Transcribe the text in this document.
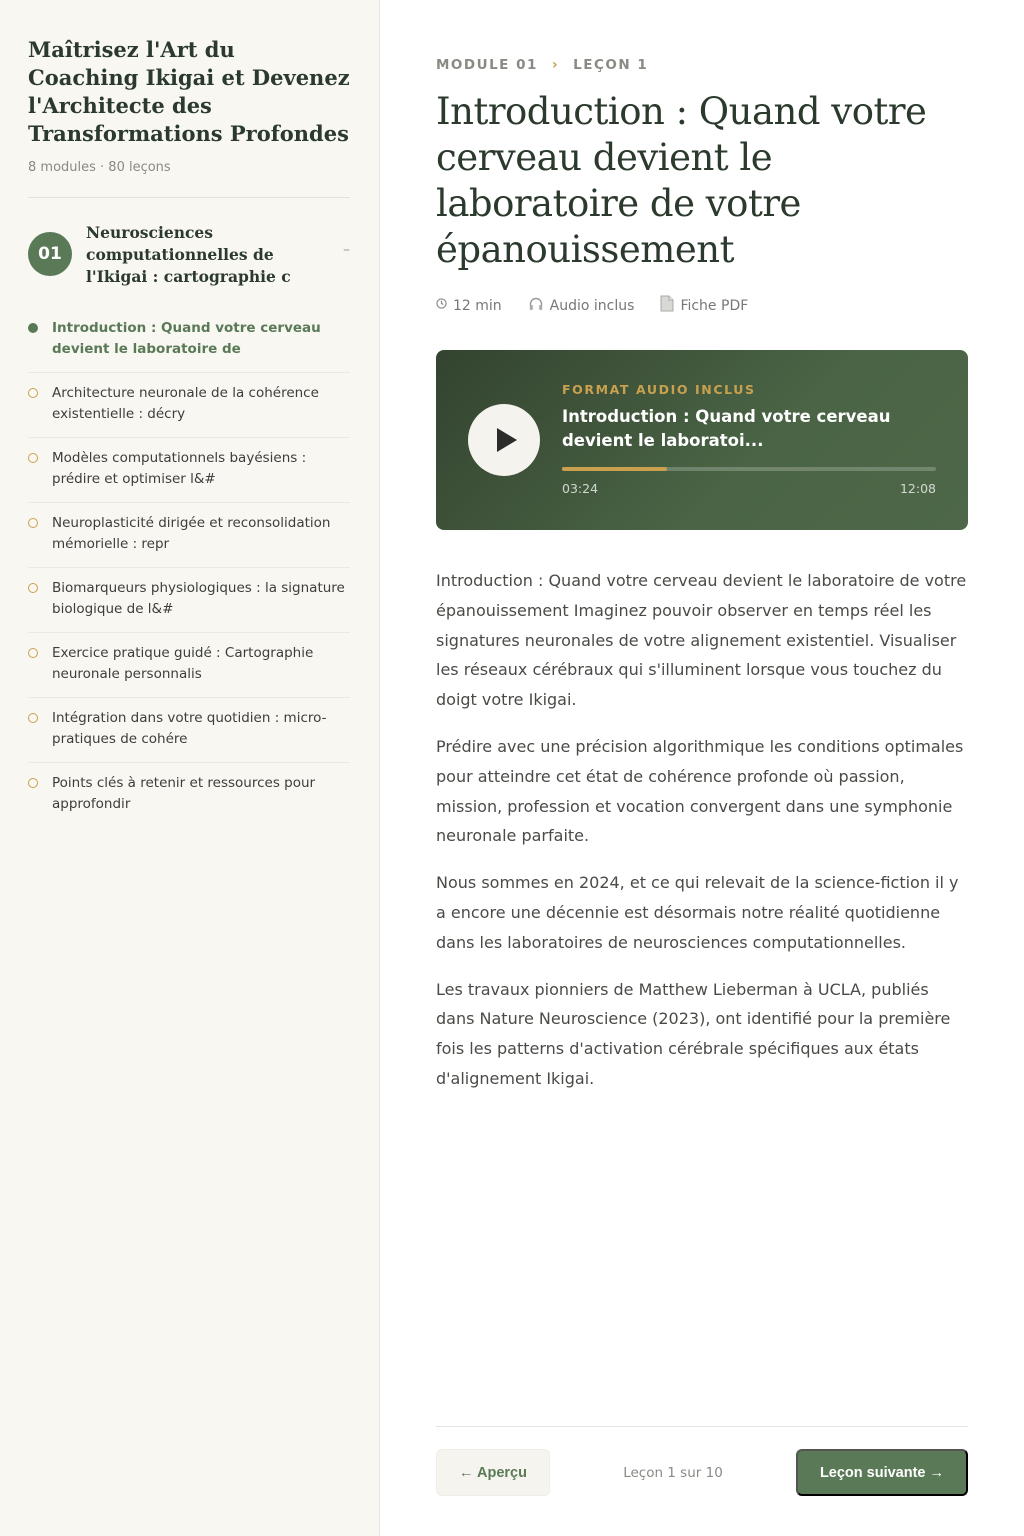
Maîtrisez l'Art du Coaching Ikigai et Devenez l'Architecte des Transformations Profondes
8 modules · 80 leçons
01
Neurosciences computationnelles de l'Ikigai : cartographie c
–
Introduction : Quand votre cerveau devient le laboratoire de
Architecture neuronale de la cohérence existentielle : décry
Modèles computationnels bayésiens : prédire et optimiser l&#
Neuroplasticité dirigée et reconsolidation mémorielle : repr
Biomarqueurs physiologiques : la signature biologique de l&#
Exercice pratique guidé : Cartographie neuronale personnalis
Intégration dans votre quotidien : micro-pratiques de cohére
Points clés à retenir et ressources pour approfondir
MODULE 01 › LEÇON 1
Introduction : Quand votre cerveau devient le laboratoire de votre épanouissement
12 min	Audio inclus	Fiche PDF
FORMAT AUDIO INCLUS
Introduction : Quand votre cerveau devient le laboratoi...
03:24	12:08

Introduction : Quand votre cerveau devient le laboratoire de votre épanouissement Imaginez pouvoir observer en temps réel les signatures neuronales de votre alignement existentiel. Visualiser les réseaux cérébraux qui s'illuminent lorsque vous touchez du doigt votre Ikigai.

Prédire avec une précision algorithmique les conditions optimales pour atteindre cet état de cohérence profonde où passion, mission, profession et vocation convergent dans une symphonie neuronale parfaite.

Nous sommes en 2024, et ce qui relevait de la science-fiction il y a encore une décennie est désormais notre réalité quotidienne dans les laboratoires de neurosciences computationnelles.

Les travaux pionniers de Matthew Lieberman à UCLA, publiés dans Nature Neuroscience (2023), ont identifié pour la première fois les patterns d'activation cérébrale spécifiques aux états d'alignement Ikigai.

← Aperçu	Leçon 1 sur 10	Leçon suivante →
